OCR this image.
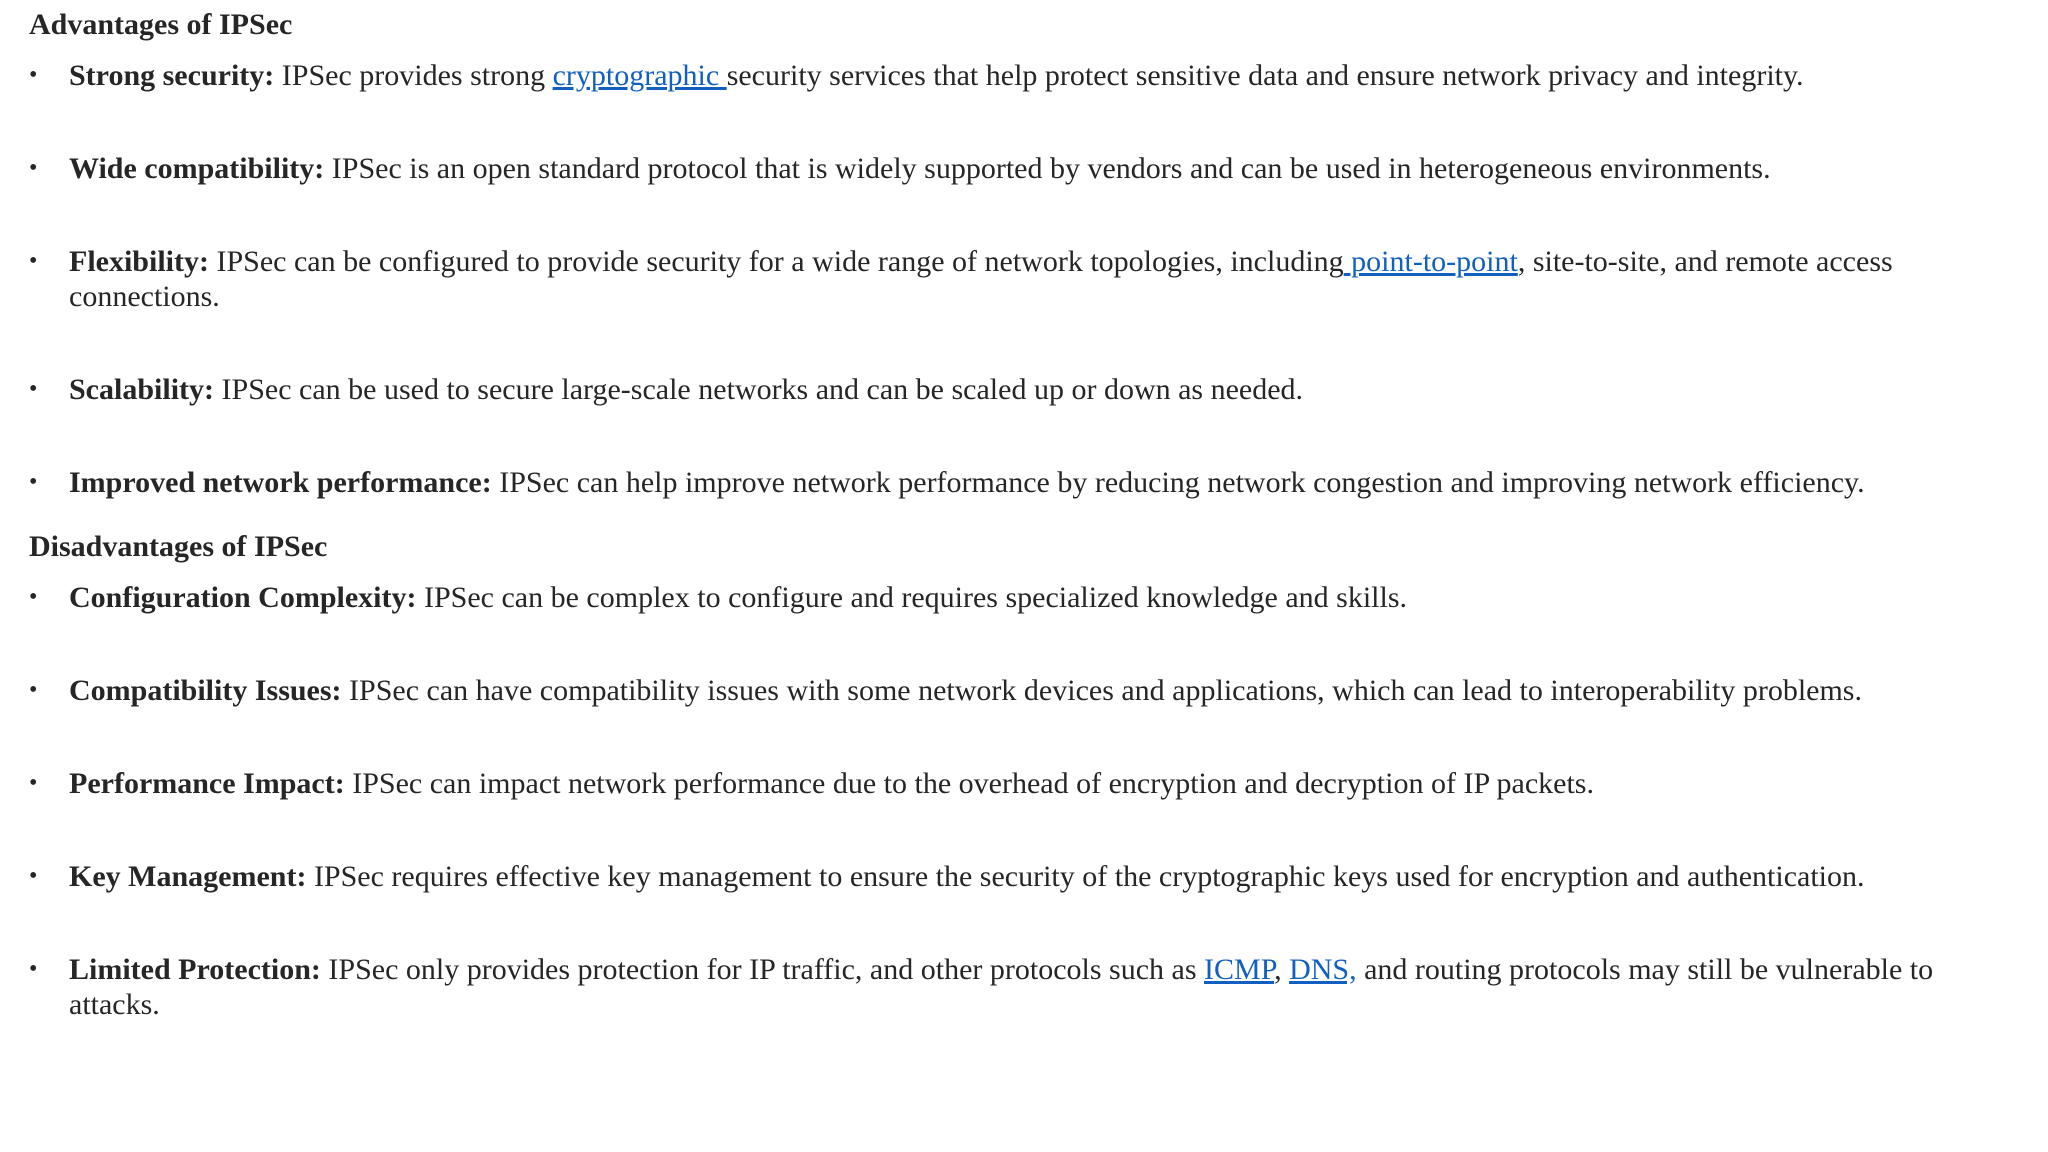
Advantages of IPSec
•	Strong security: IPSec provides strong cryptographic security services that help protect sensitive data and ensure network privacy and integrity.
•	Wide compatibility: IPSec is an open standard protocol that is widely supported by vendors and can be used in heterogeneous environments.
•	Flexibility: IPSec can be configured to provide security for a wide range of network topologies, including point-to-point, site-to-site, and remote access connections.
•	Scalability: IPSec can be used to secure large-scale networks and can be scaled up or down as needed.
•	Improved network performance: IPSec can help improve network performance by reducing network congestion and improving network efficiency.
Disadvantages of IPSec
•	Configuration Complexity: IPSec can be complex to configure and requires specialized knowledge and skills.
•	Compatibility Issues: IPSec can have compatibility issues with some network devices and applications, which can lead to interoperability problems.
•	Performance Impact: IPSec can impact network performance due to the overhead of encryption and decryption of IP packets.
•	Key Management: IPSec requires effective key management to ensure the security of the cryptographic keys used for encryption and authentication.
•	Limited Protection: IPSec only provides protection for IP traffic, and other protocols such as ICMP, DNS, and routing protocols may still be vulnerable to attacks.
